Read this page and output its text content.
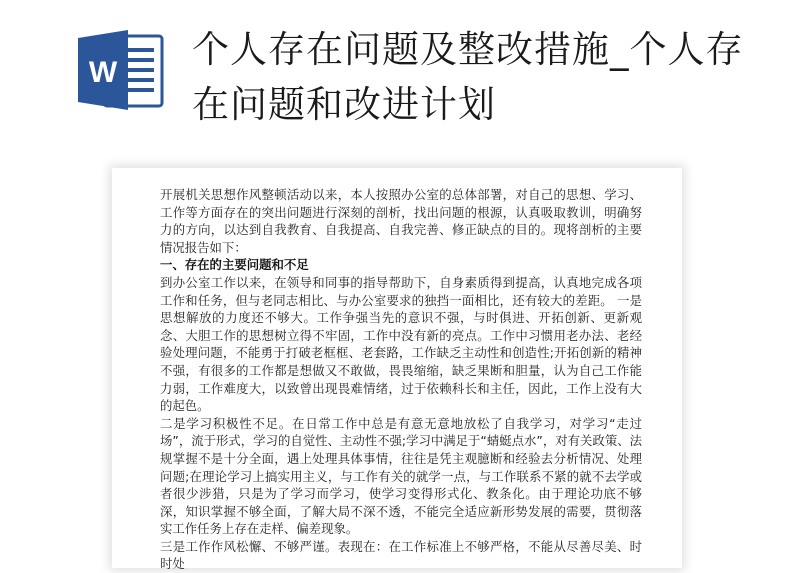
W
个人存在问题及整改措施_个人存在问题和改进计划

开展机关思想作风整顿活动以来，本人按照办公室的总体部署，对自己的思想、学习、工作等方面存在的突出问题进行深刻的剖析，找出问题的根源，认真吸取教训，明确努力的方向，以达到自我教育、自我提高、自我完善、修正缺点的目的。现将剖析的主要情况报告如下：

一、存在的主要问题和不足

到办公室工作以来，在领导和同事的指导帮助下，自身素质得到提高，认真地完成各项工作和任务，但与老同志相比、与办公室要求的独挡一面相比，还有较大的差距。 一是思想解放的力度还不够大。工作争强当先的意识不强，与时俱进、开拓创新、更新观念、大胆工作的思想树立得不牢固，工作中没有新的亮点。工作中习惯用老办法、老经验处理问题，不能勇于打破老框框、老套路，工作缺乏主动性和创造性;开拓创新的精神不强，有很多的工作都是想做又不敢做，畏畏缩缩，缺乏果断和胆量，认为自己工作能力弱，工作难度大，以致曾出现畏难情绪，过于依赖科长和主任，因此，工作上没有大的起色。

二是学习积极性不足。在日常工作中总是有意无意地放松了自我学习，对学习“走过场”，流于形式，学习的自觉性、主动性不强;学习中满足于“蜻蜓点水”，对有关政策、法规掌握不是十分全面，遇上处理具体事情，往往是凭主观臆断和经验去分析情况、处理问题;在理论学习上搞实用主义，与工作有关的就学一点，与工作联系不紧的就不去学或者很少涉猎，只是为了学习而学习，使学习变得形式化、教条化。由于理论功底不够深，知识掌握不够全面，了解大局不深不透，不能完全适应新形势发展的需要，贯彻落实工作任务上存在走样、偏差现象。

三是工作作风松懈、不够严谨。表现在：在工作标准上不够严格，不能从尽善尽美、时时处
